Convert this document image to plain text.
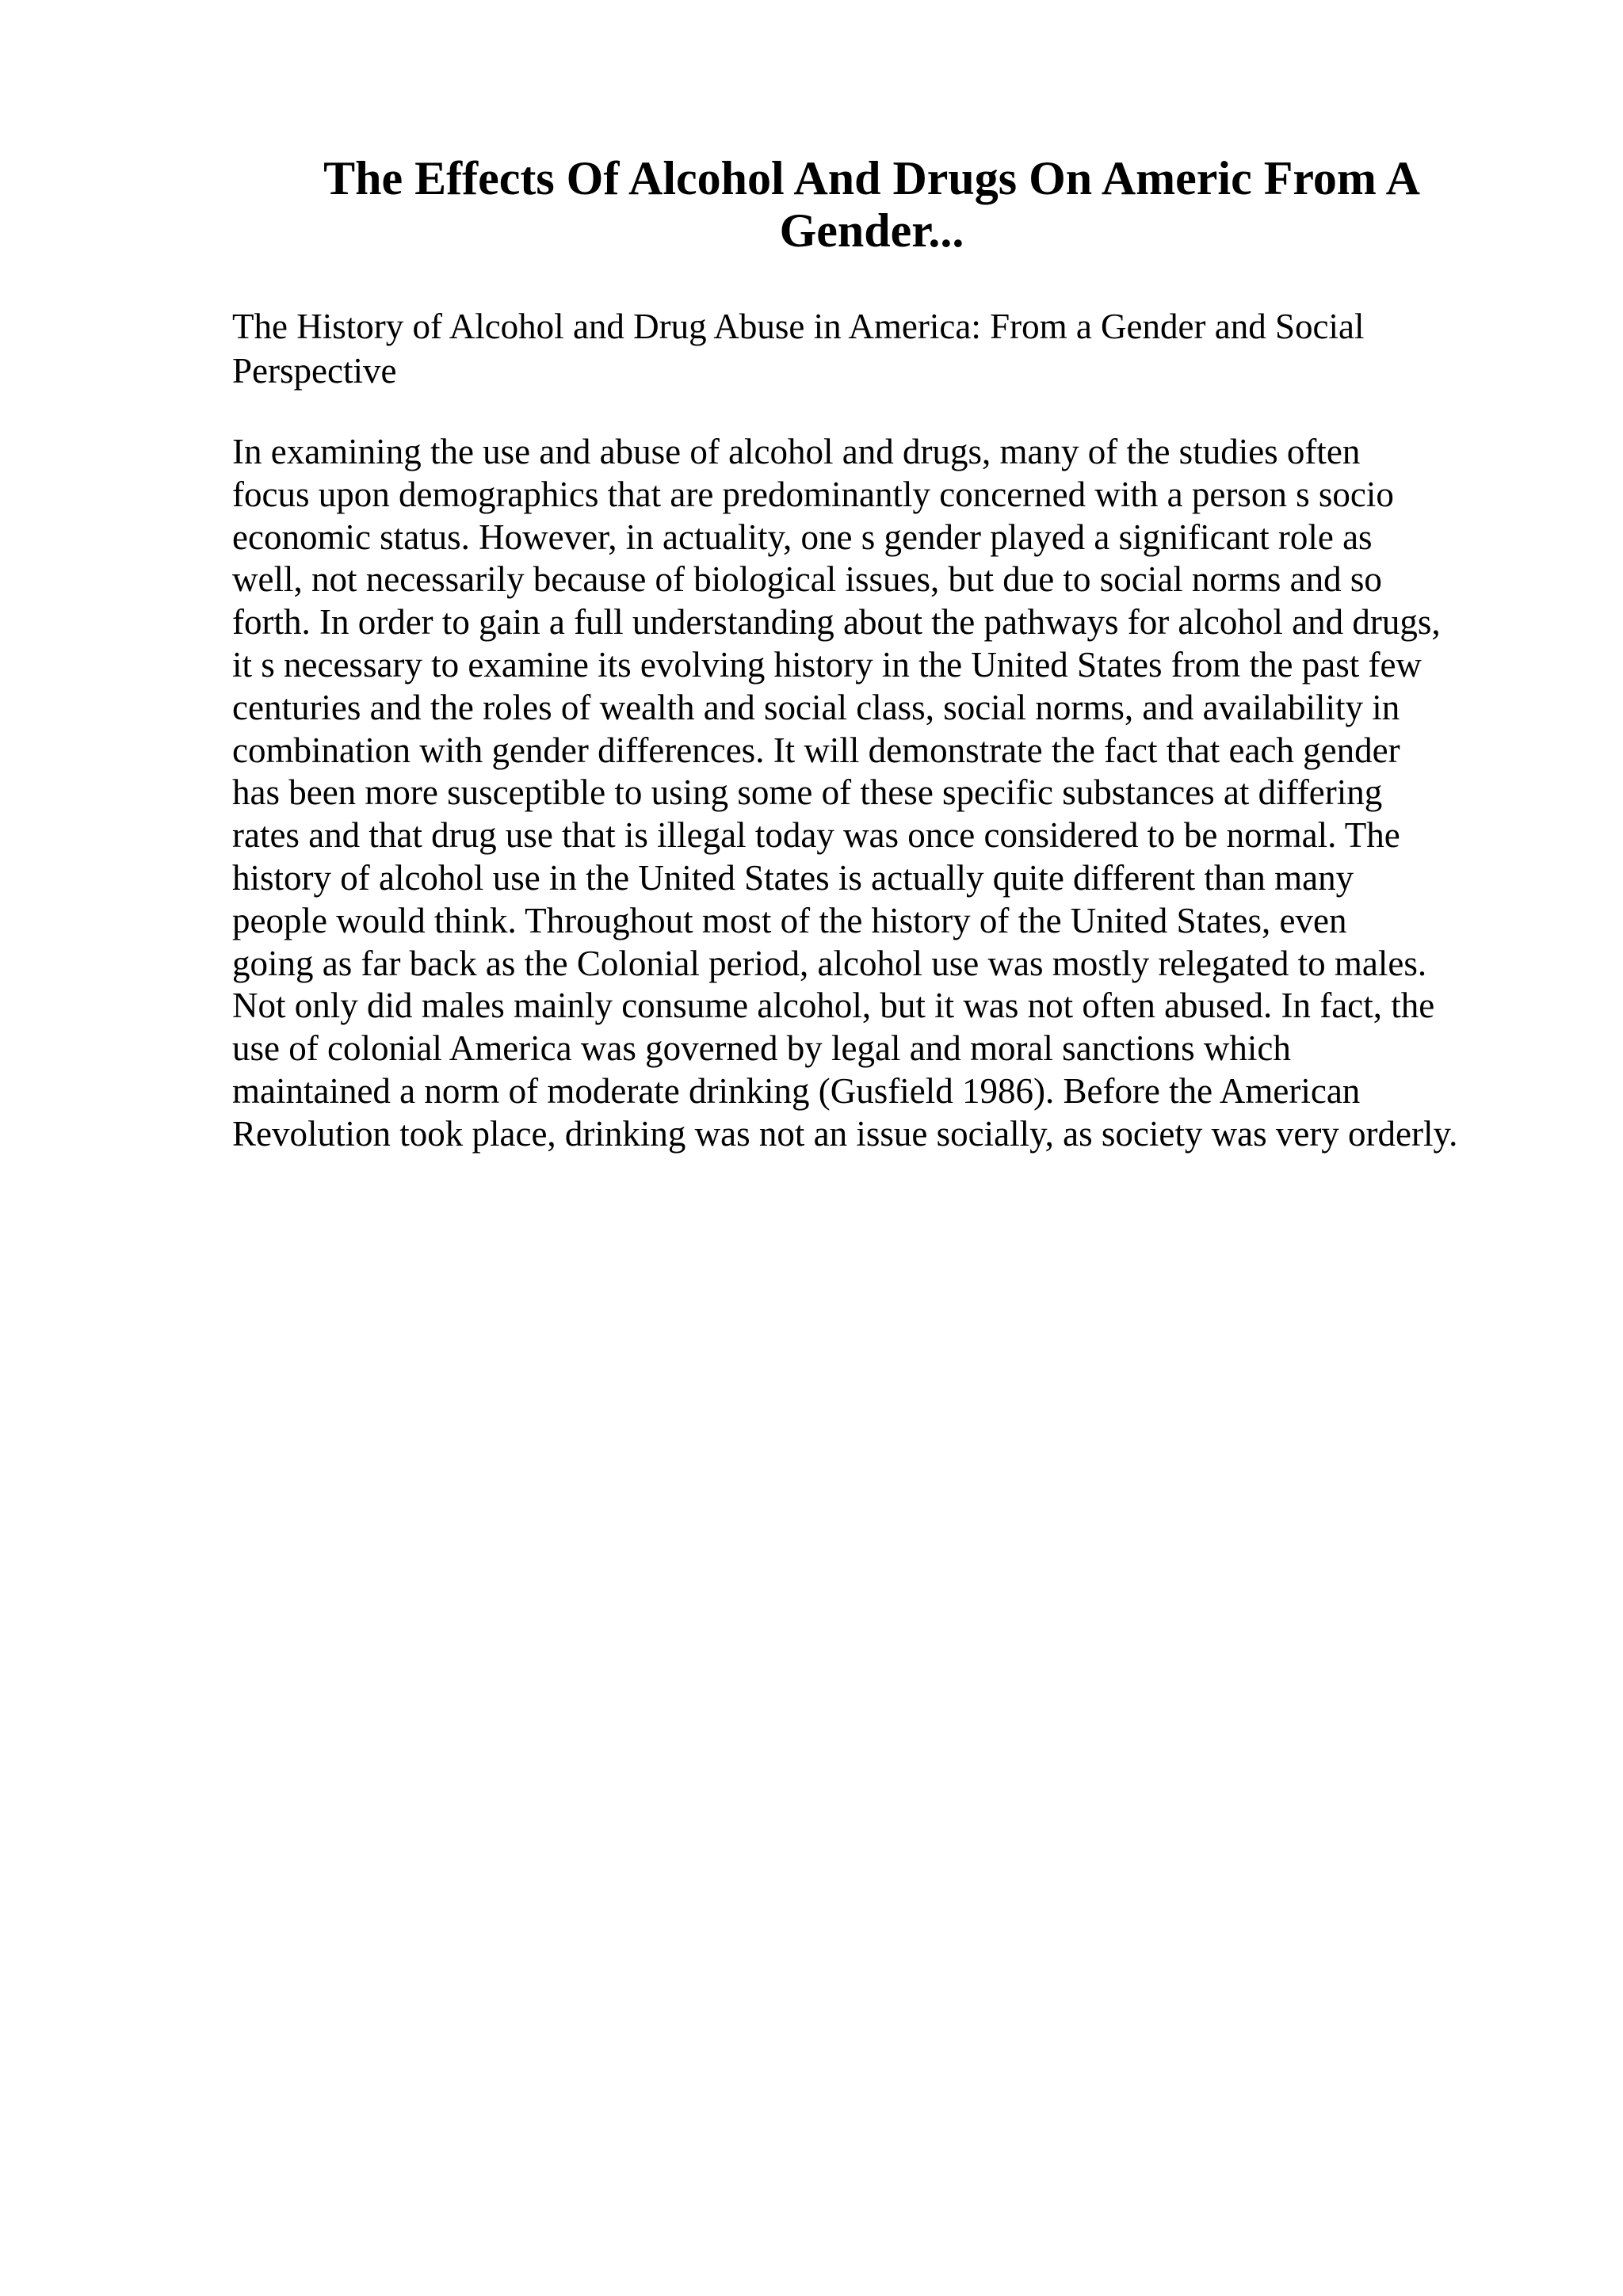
The Effects Of Alcohol And Drugs On Americ From A
Gender...

The History of Alcohol and Drug Abuse in America: From a Gender and Social
Perspective

In examining the use and abuse of alcohol and drugs, many of the studies often
focus upon demographics that are predominantly concerned with a person s socio
economic status. However, in actuality, one s gender played a significant role as
well, not necessarily because of biological issues, but due to social norms and so
forth. In order to gain a full understanding about the pathways for alcohol and drugs,
it s necessary to examine its evolving history in the United States from the past few
centuries and the roles of wealth and social class, social norms, and availability in
combination with gender differences. It will demonstrate the fact that each gender
has been more susceptible to using some of these specific substances at differing
rates and that drug use that is illegal today was once considered to be normal. The
history of alcohol use in the United States is actually quite different than many
people would think. Throughout most of the history of the United States, even
going as far back as the Colonial period, alcohol use was mostly relegated to males.
Not only did males mainly consume alcohol, but it was not often abused. In fact, the
use of colonial America was governed by legal and moral sanctions which
maintained a norm of moderate drinking (Gusfield 1986). Before the American
Revolution took place, drinking was not an issue socially, as society was very orderly.
